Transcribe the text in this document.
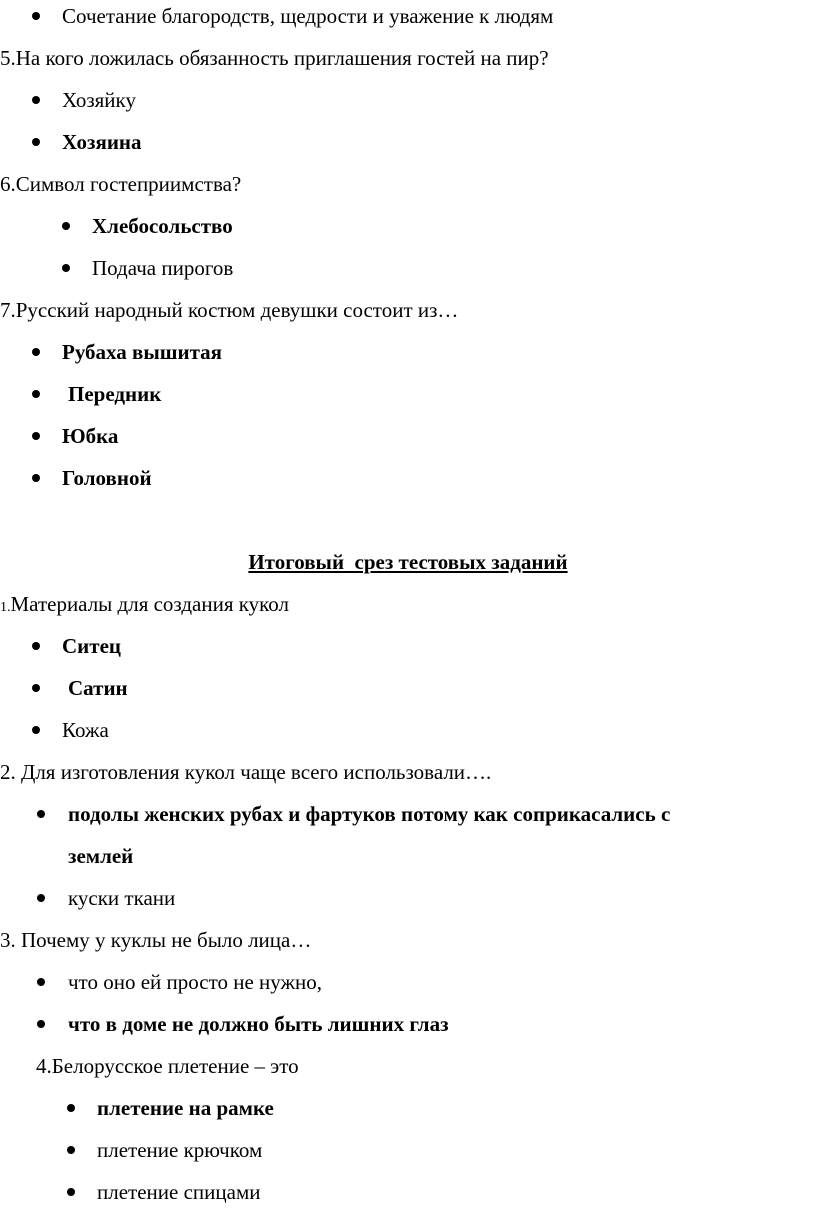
Сочетание благородств, щедрости и уважение к людям
5.На кого ложилась обязанность приглашения гостей на пир?
Хозяйку
Хозяина
6.Символ гостеприимства?
Хлебосольство
Подача пирогов
7.Русский народный костюм девушки состоит из…
Рубаха вышитая
Передник
Юбка
Головной
Итоговый  срез тестовых заданий
1.Материалы для создания кукол
Ситец
Сатин
Кожа
2. Для изготовления кукол чаще всего использовали….
подолы женских рубах и фартуков потому как соприкасались с
землей
куски ткани
3. Почему у куклы не было лица…
что оно ей просто не нужно,
что в доме не должно быть лишних глаз
4.Белорусское плетение – это
плетение на рамке
плетение крючком
плетение спицами
